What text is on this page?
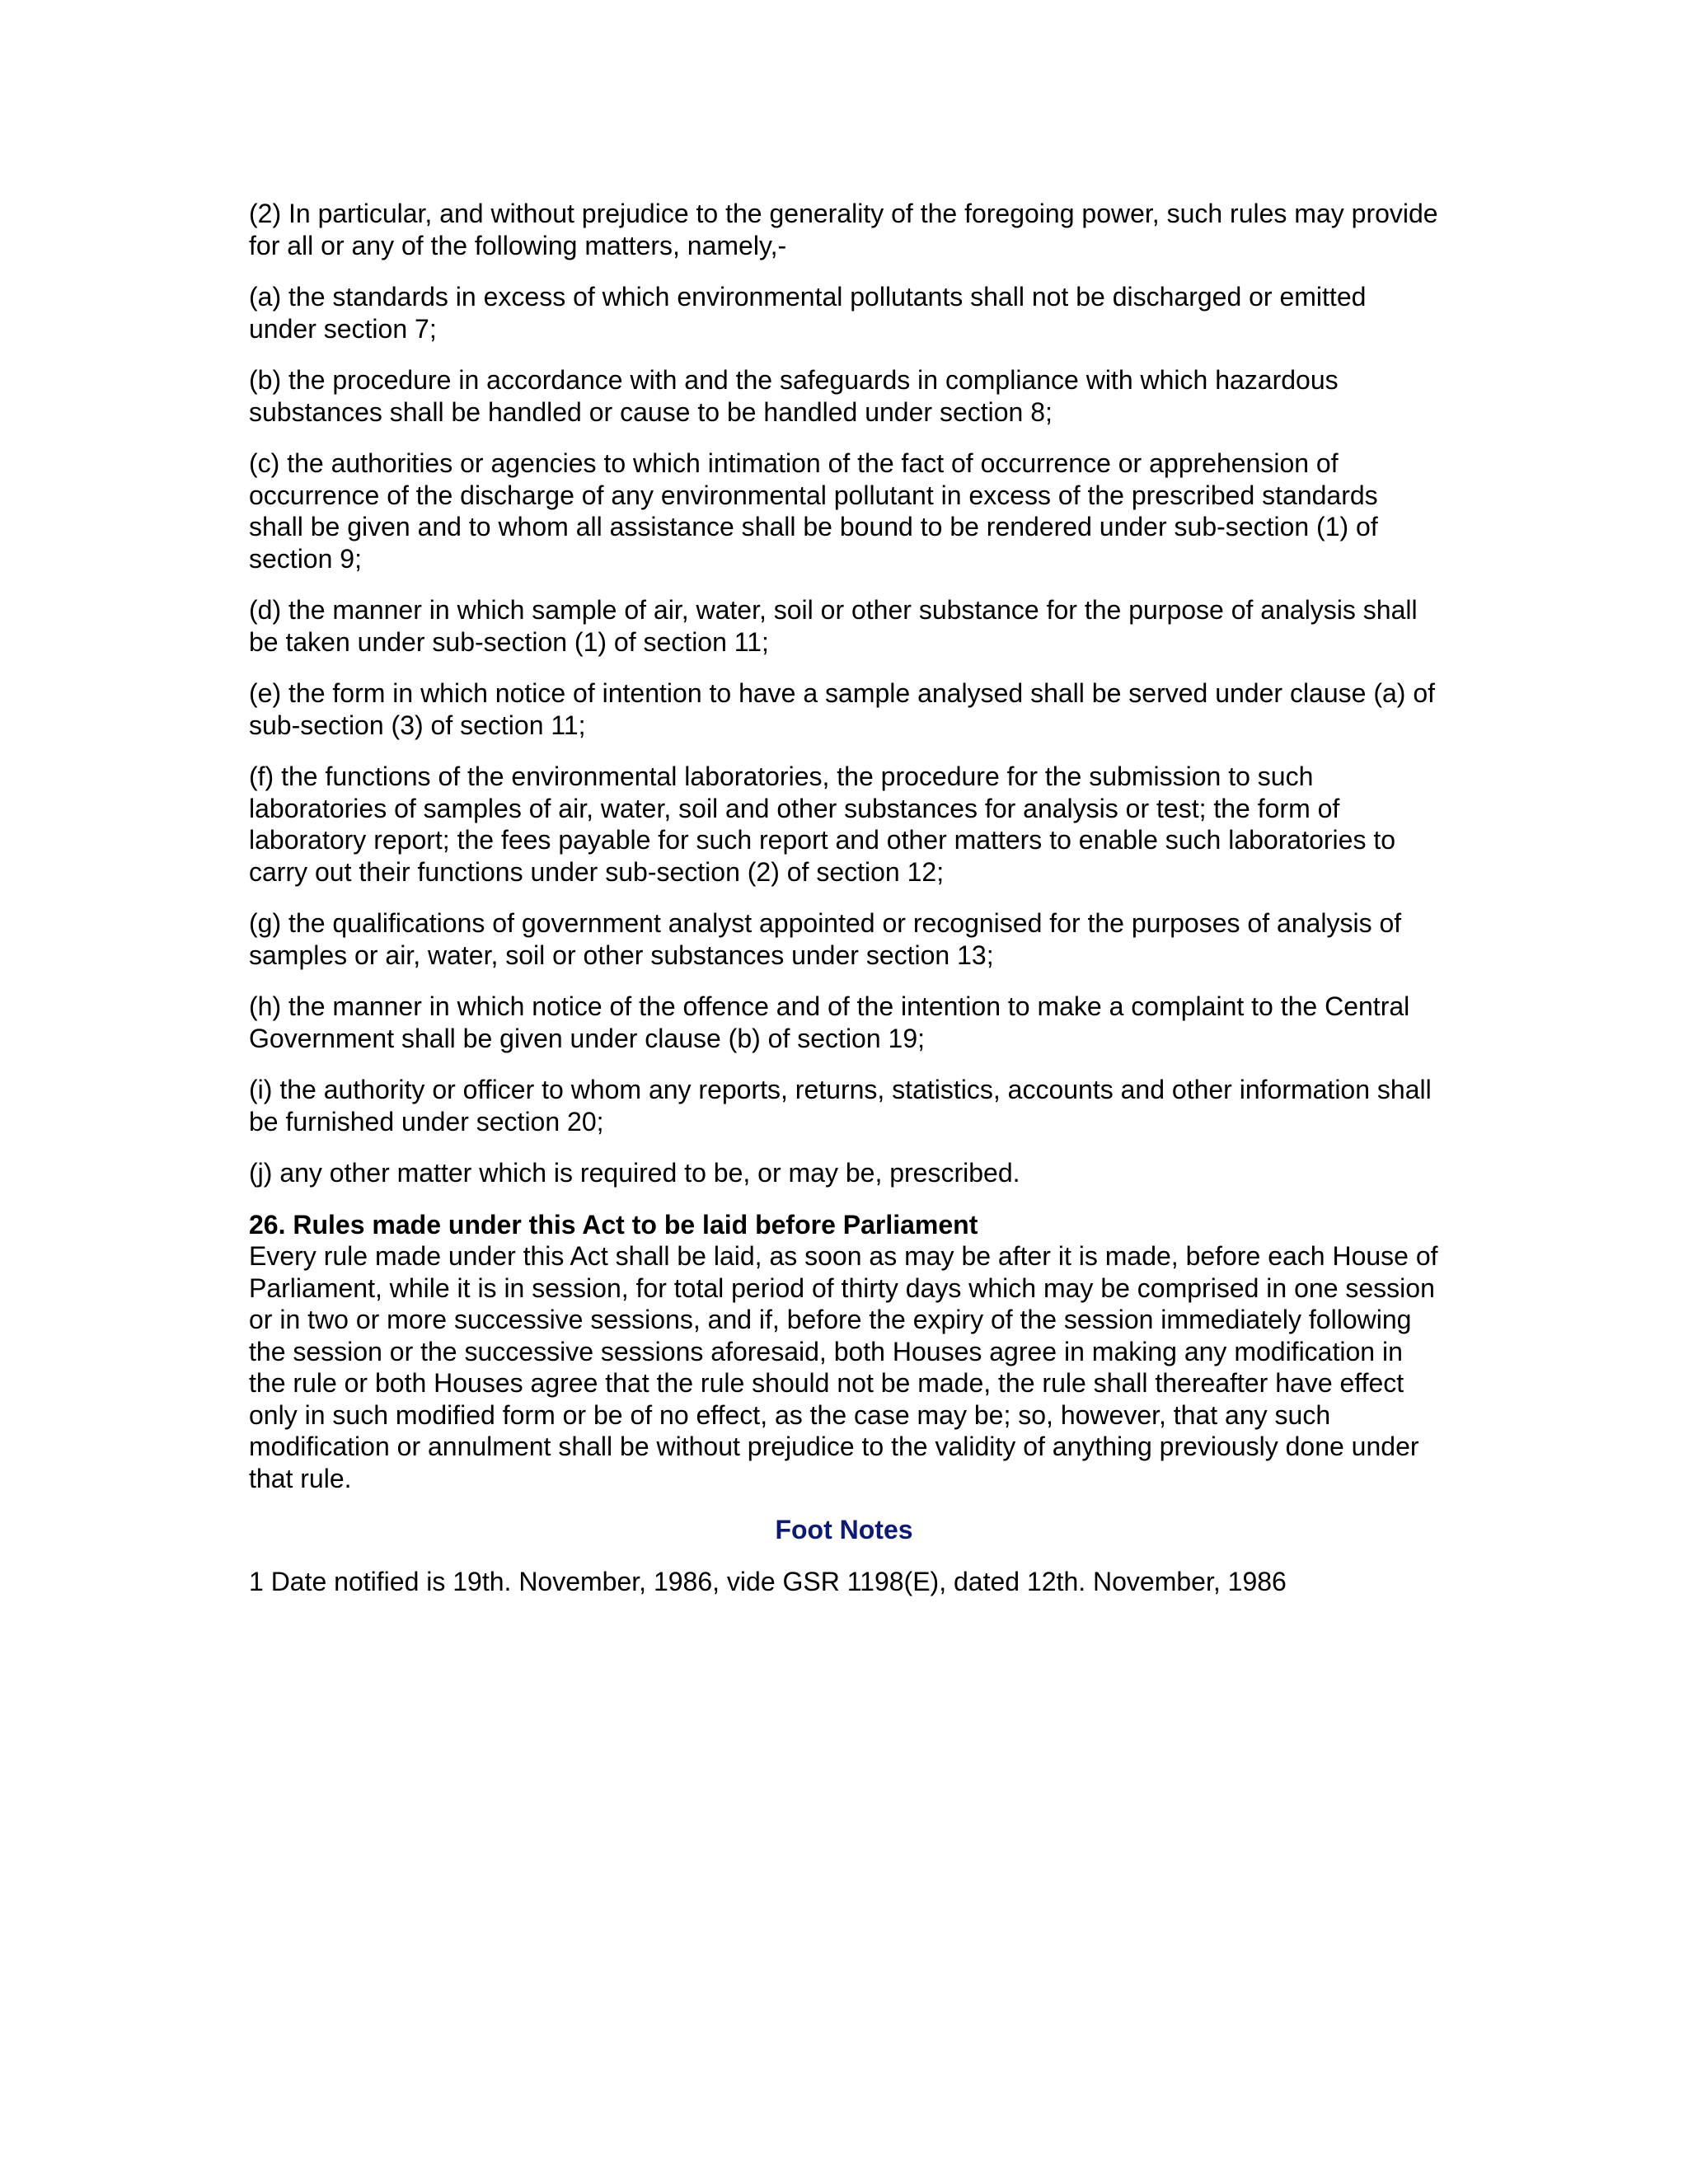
(2) In particular, and without prejudice to the generality of the foregoing power, such rules may provide for all or any of the following matters, namely,-

(a) the standards in excess of which environmental pollutants shall not be discharged or emitted under section 7;

(b) the procedure in accordance with and the safeguards in compliance with which hazardous substances shall be handled or cause to be handled under section 8;

(c) the authorities or agencies to which intimation of the fact of occurrence or apprehension of occurrence of the discharge of any environmental pollutant in excess of the prescribed standards shall be given and to whom all assistance shall be bound to be rendered under sub-section (1) of section 9;

(d) the manner in which sample of air, water, soil or other substance for the purpose of analysis shall be taken under sub-section (1) of section 11;

(e) the form in which notice of intention to have a sample analysed shall be served under clause (a) of sub-section (3) of section 11;

(f) the functions of the environmental laboratories, the procedure for the submission to such laboratories of samples of air, water, soil and other substances for analysis or test; the form of laboratory report; the fees payable for such report and other matters to enable such laboratories to carry out their functions under sub-section (2) of section 12;

(g) the qualifications of government analyst appointed or recognised for the purposes of analysis of samples or air, water, soil or other substances under section 13;

(h) the manner in which notice of the offence and of the intention to make a complaint to the Central Government shall be given under clause (b) of section 19;

(i) the authority or officer to whom any reports, returns, statistics, accounts and other information shall be furnished under section 20;

(j) any other matter which is required to be, or may be, prescribed.

26. Rules made under this Act to be laid before Parliament

Every rule made under this Act shall be laid, as soon as may be after it is made, before each House of Parliament, while it is in session, for total period of thirty days which may be comprised in one session or in two or more successive sessions, and if, before the expiry of the session immediately following the session or the successive sessions aforesaid, both Houses agree in making any modification in the rule or both Houses agree that the rule should not be made, the rule shall thereafter have effect only in such modified form or be of no effect, as the case may be; so, however, that any such modification or annulment shall be without prejudice to the validity of anything previously done under that rule.

Foot Notes

1 Date notified is 19th. November, 1986, vide GSR 1198(E), dated 12th. November, 1986
